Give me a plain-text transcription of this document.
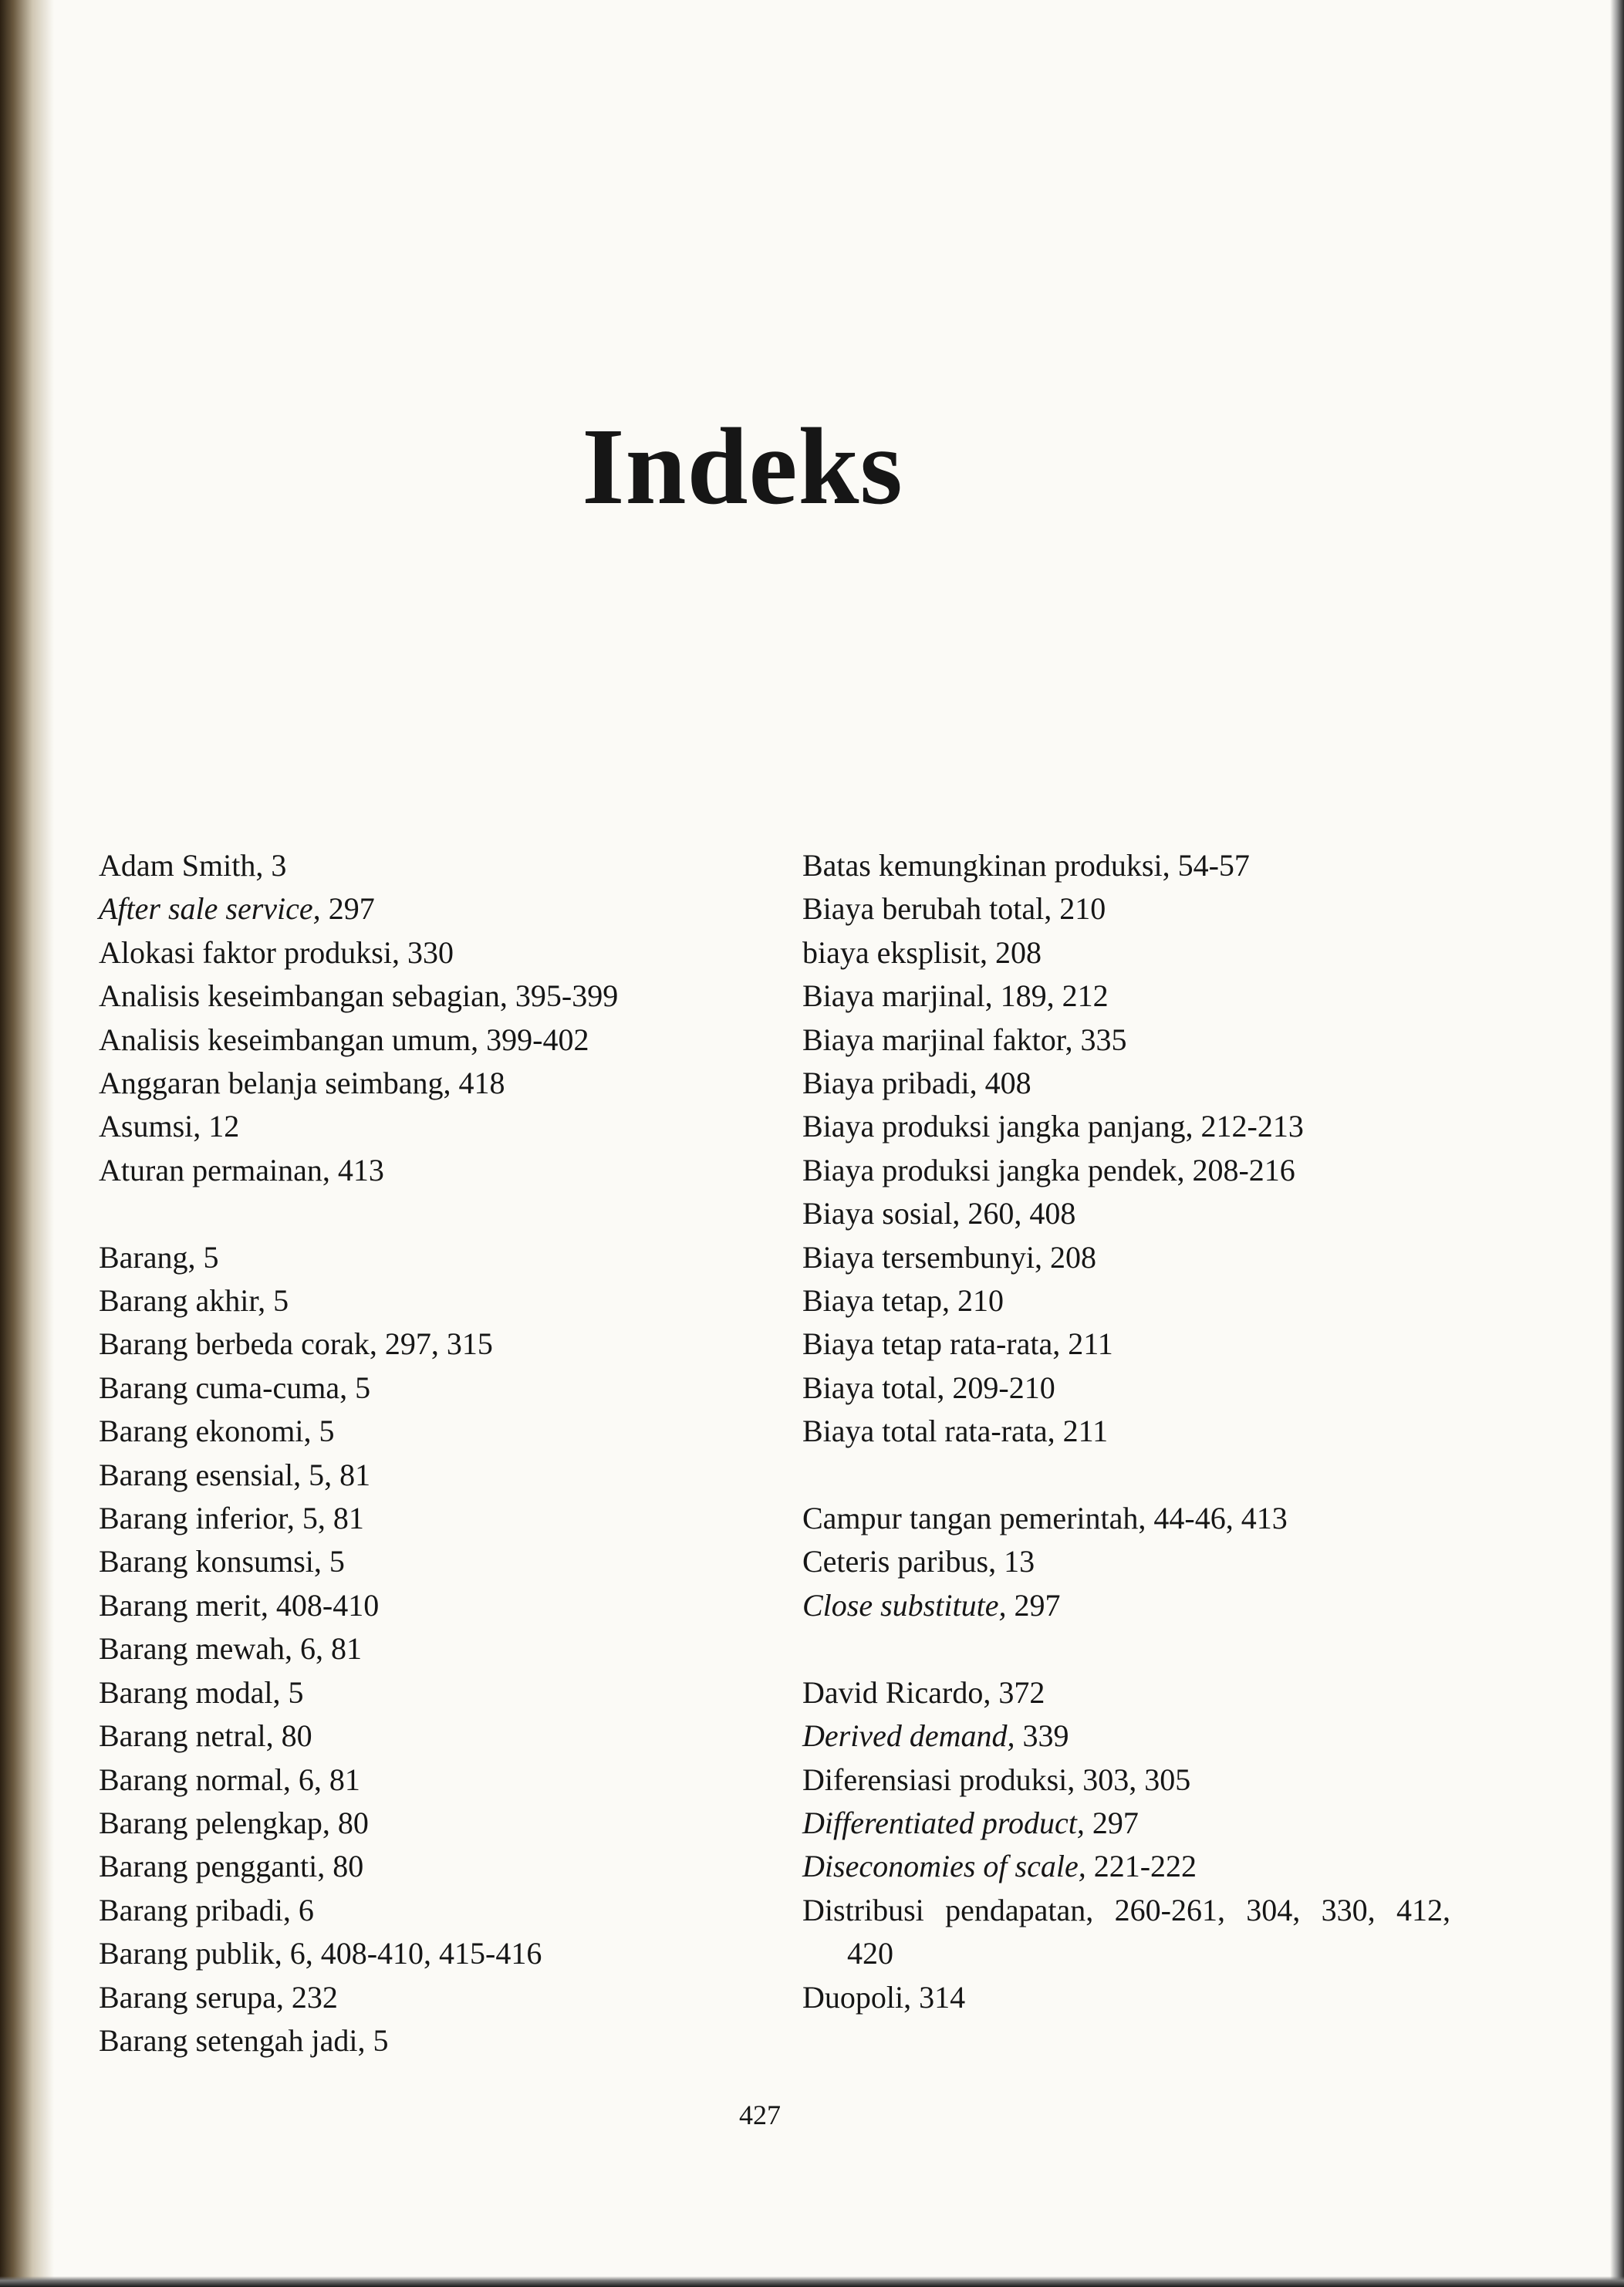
Indeks

Adam Smith, 3

After sale service, 297

Alokasi faktor produksi, 330

Analisis keseimbangan sebagian, 395-399

Analisis keseimbangan umum, 399-402

Anggaran belanja seimbang, 418

Asumsi, 12

Aturan permainan, 413

Barang, 5

Barang akhir, 5

Barang berbeda corak, 297, 315

Barang cuma-cuma, 5

Barang ekonomi, 5

Barang esensial, 5, 81

Barang inferior, 5, 81

Barang konsumsi, 5

Barang merit, 408-410

Barang mewah, 6, 81

Barang modal, 5

Barang netral, 80

Barang normal, 6, 81

Barang pelengkap, 80

Barang pengganti, 80

Barang pribadi, 6

Barang publik, 6, 408-410, 415-416

Barang serupa, 232

Barang setengah jadi, 5

Batas kemungkinan produksi, 54-57

Biaya berubah total, 210

biaya eksplisit, 208

Biaya marjinal, 189, 212

Biaya marjinal faktor, 335

Biaya pribadi, 408

Biaya produksi jangka panjang, 212-213

Biaya produksi jangka pendek, 208-216

Biaya sosial, 260, 408

Biaya tersembunyi, 208

Biaya tetap, 210

Biaya tetap rata-rata, 211

Biaya total, 209-210

Biaya total rata-rata, 211

Campur tangan pemerintah, 44-46, 413

Ceteris paribus, 13

Close substitute, 297

David Ricardo, 372

Derived demand, 339

Diferensiasi produksi, 303, 305

Differentiated product, 297

Diseconomies of scale, 221-222

Distribusi pendapatan, 260-261, 304, 330, 412, 420

Duopoli, 314

427
